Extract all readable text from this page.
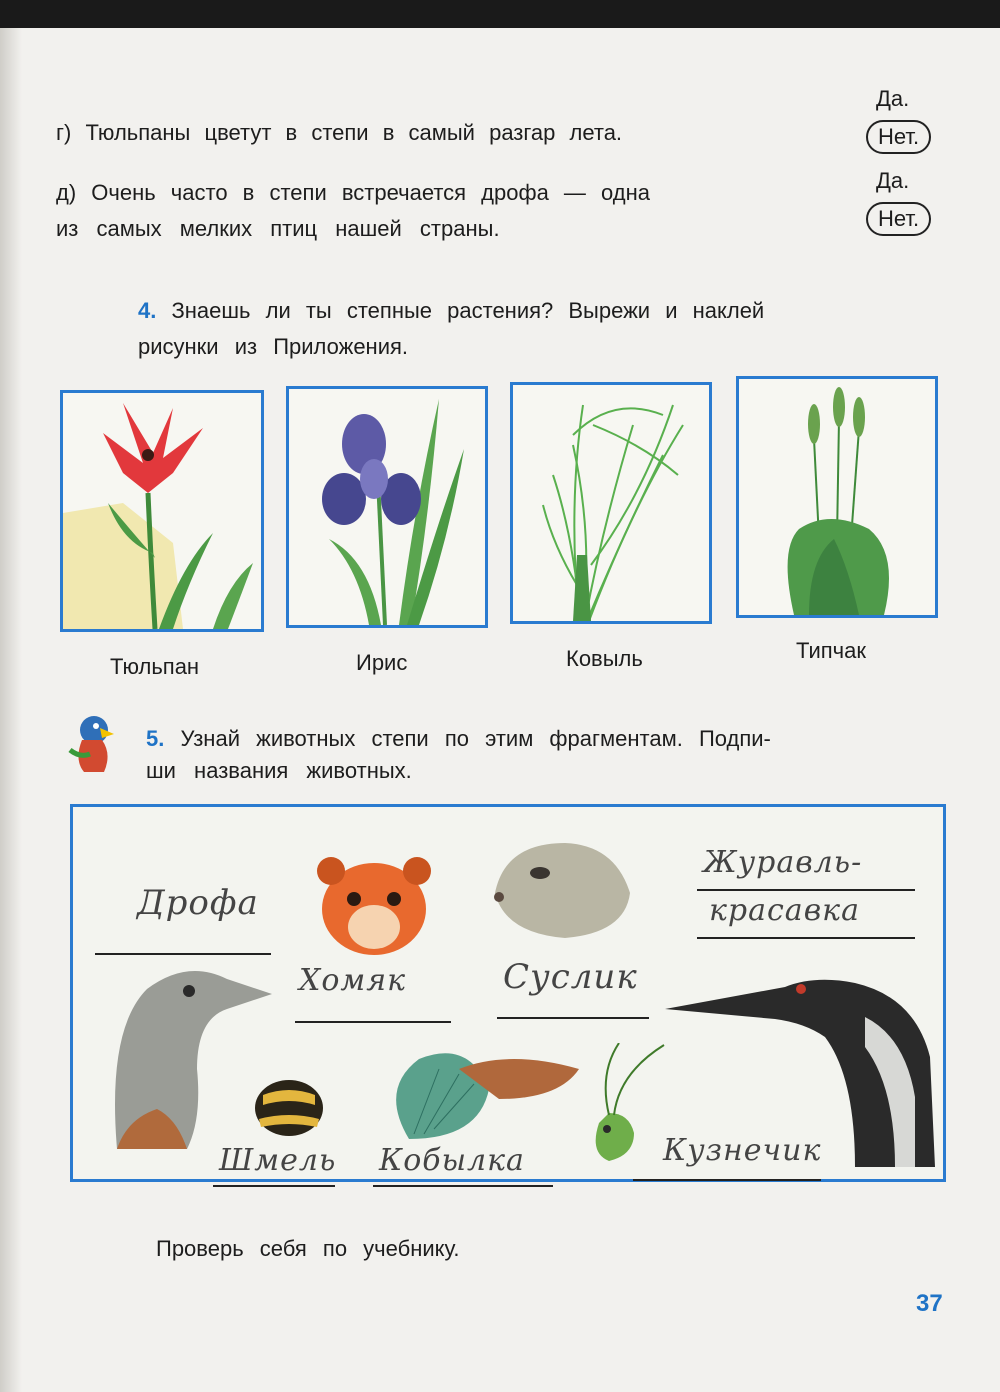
г) Тюльпаны цветут в степи в самый разгар лета.
Да.
Нет.
д) Очень часто в степи встречается дрофа — одна
из самых мелких птиц нашей страны.
Да.
Нет.
4. Знаешь ли ты степные растения? Вырежи и наклей
рисунки из Приложения.
Тюльпан	Ирис	Ковыль	Типчак
5. Узнай животных степи по этим фрагментам. Подпи-
ши названия животных.
Дрофа
Хомяк	Суслик
Журавль-
красавка
Шмель Кобылка	Кузнечик
Проверь себя по учебнику.
37
